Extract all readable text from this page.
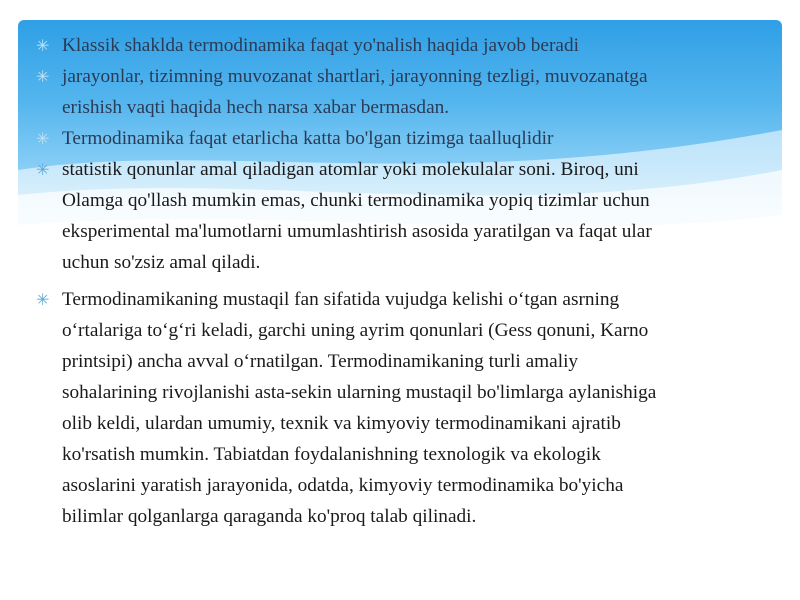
✳ Klassik shaklda termodinamika faqat yo'nalish haqida javob beradi
✳ jarayonlar, tizimning muvozanat shartlari, jarayonning tezligi, muvozanatga
erishish vaqti haqida hech narsa xabar bermasdan.
✳ Termodinamika faqat etarlicha katta bo'lgan tizimga taalluqlidir
✳ statistik qonunlar amal qiladigan atomlar yoki molekulalar soni. Biroq, uni
Olamga qo'llash mumkin emas, chunki termodinamika yopiq tizimlar uchun
eksperimental ma'lumotlarni umumlashtirish asosida yaratilgan va faqat ular
uchun so'zsiz amal qiladi.
✳ Termodinamikaning mustaqil fan sifatida vujudga kelishi o‘tgan asrning
o‘rtalariga to‘g‘ri keladi, garchi uning ayrim qonunlari (Gess qonuni, Karno
printsipi) ancha avval o‘rnatilgan. Termodinamikaning turli amaliy
sohalarining rivojlanishi asta-sekin ularning mustaqil bo'limlarga aylanishiga
olib keldi, ulardan umumiy, texnik va kimyoviy termodinamikani ajratib
ko'rsatish mumkin. Tabiatdan foydalanishning texnologik va ekologik
asoslarini yaratish jarayonida, odatda, kimyoviy termodinamika bo'yicha
bilimlar qolganlarga qaraganda ko'proq talab qilinadi.
